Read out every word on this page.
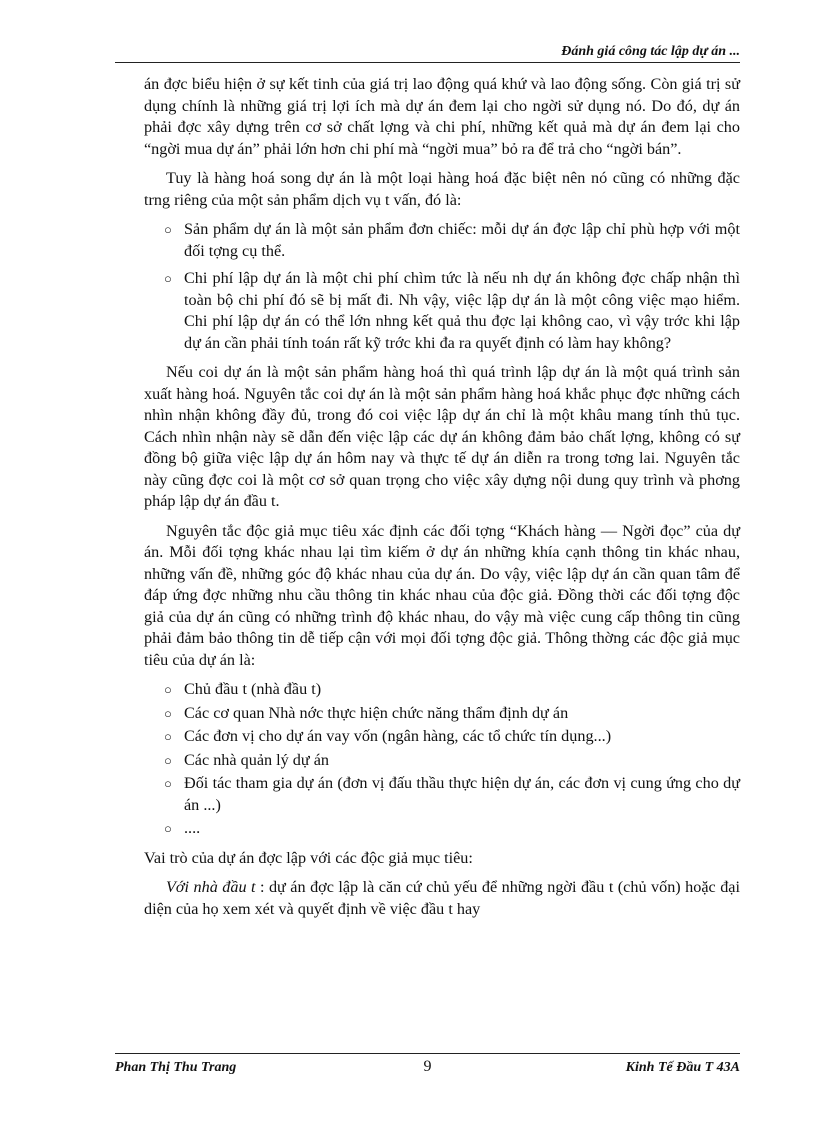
Đánh giá công tác lập dự án ...

án đợc biểu hiện ở sự kết tinh của giá trị lao động quá khứ và lao động sống. Còn giá trị sử dụng chính là những giá trị lợi ích mà dự án đem lại cho ngời sử dụng nó. Do đó, dự án phải đợc xây dựng trên cơ sở chất lợng và chi phí, những kết quả mà dự án đem lại cho “ngời mua dự án” phải lớn hơn chi phí mà “ngời mua” bỏ ra để trả cho “ngời bán”.

Tuy là hàng hoá song dự án là một loại hàng hoá đặc biệt nên nó cũng có những đặc trng riêng của một sản phẩm dịch vụ t vấn, đó là:

○ Sản phẩm dự án là một sản phẩm đơn chiếc: mỗi dự án đợc lập chỉ phù hợp với một đối tợng cụ thể.
○ Chi phí lập dự án là một chi phí chìm tức là nếu nh dự án không đợc chấp nhận thì toàn bộ chi phí đó sẽ bị mất đi. Nh vậy, việc lập dự án là một công việc mạo hiểm. Chi phí lập dự án có thể lớn nhng kết quả thu đợc lại không cao, vì vậy trớc khi lập dự án cần phải tính toán rất kỹ trớc khi đa ra quyết định có làm hay không?

Nếu coi dự án là một sản phẩm hàng hoá thì quá trình lập dự án là một quá trình sản xuất hàng hoá. Nguyên tắc coi dự án là một sản phẩm hàng hoá khắc phục đợc những cách nhìn nhận không đầy đủ, trong đó coi việc lập dự án chỉ là một khâu mang tính thủ tục. Cách nhìn nhận này sẽ dẫn đến việc lập các dự án không đảm bảo chất lợng, không có sự đồng bộ giữa việc lập dự án hôm nay và thực tế dự án diễn ra trong tơng lai. Nguyên tắc này cũng đợc coi là một cơ sở quan trọng cho việc xây dựng nội dung quy trình và phơng pháp lập dự án đầu t.

Nguyên tắc độc giả mục tiêu xác định các đối tợng “Khách hàng — Ngời đọc” của dự án. Mỗi đối tợng khác nhau lại tìm kiếm ở dự án những khía cạnh thông tin khác nhau, những vấn đề, những góc độ khác nhau của dự án. Do vậy, việc lập dự án cần quan tâm để đáp ứng đợc những nhu cầu thông tin khác nhau của độc giả. Đồng thời các đối tợng độc giả của dự án cũng có những trình độ khác nhau, do vậy mà việc cung cấp thông tin cũng phải đảm bảo thông tin dễ tiếp cận với mọi đối tợng độc giả. Thông thờng các độc giả mục tiêu của dự án là:

○ Chủ đầu t (nhà đầu t)
○ Các cơ quan Nhà nớc thực hiện chức năng thẩm định dự án
○ Các đơn vị cho dự án vay vốn (ngân hàng, các tổ chức tín dụng...)
○ Các nhà quản lý dự án
○ Đối tác tham gia dự án (đơn vị đấu thầu thực hiện dự án, các đơn vị cung ứng cho dự án ...)
○ ....

Vai trò của dự án đợc lập với các độc giả mục tiêu:

Với nhà đầu t : dự án đợc lập là căn cứ chủ yếu để những ngời đầu t (chủ vốn) hoặc đại diện của họ xem xét và quyết định về việc đầu t hay

Phan Thị Thu Trang	9	Kinh Tế Đầu T 43A
